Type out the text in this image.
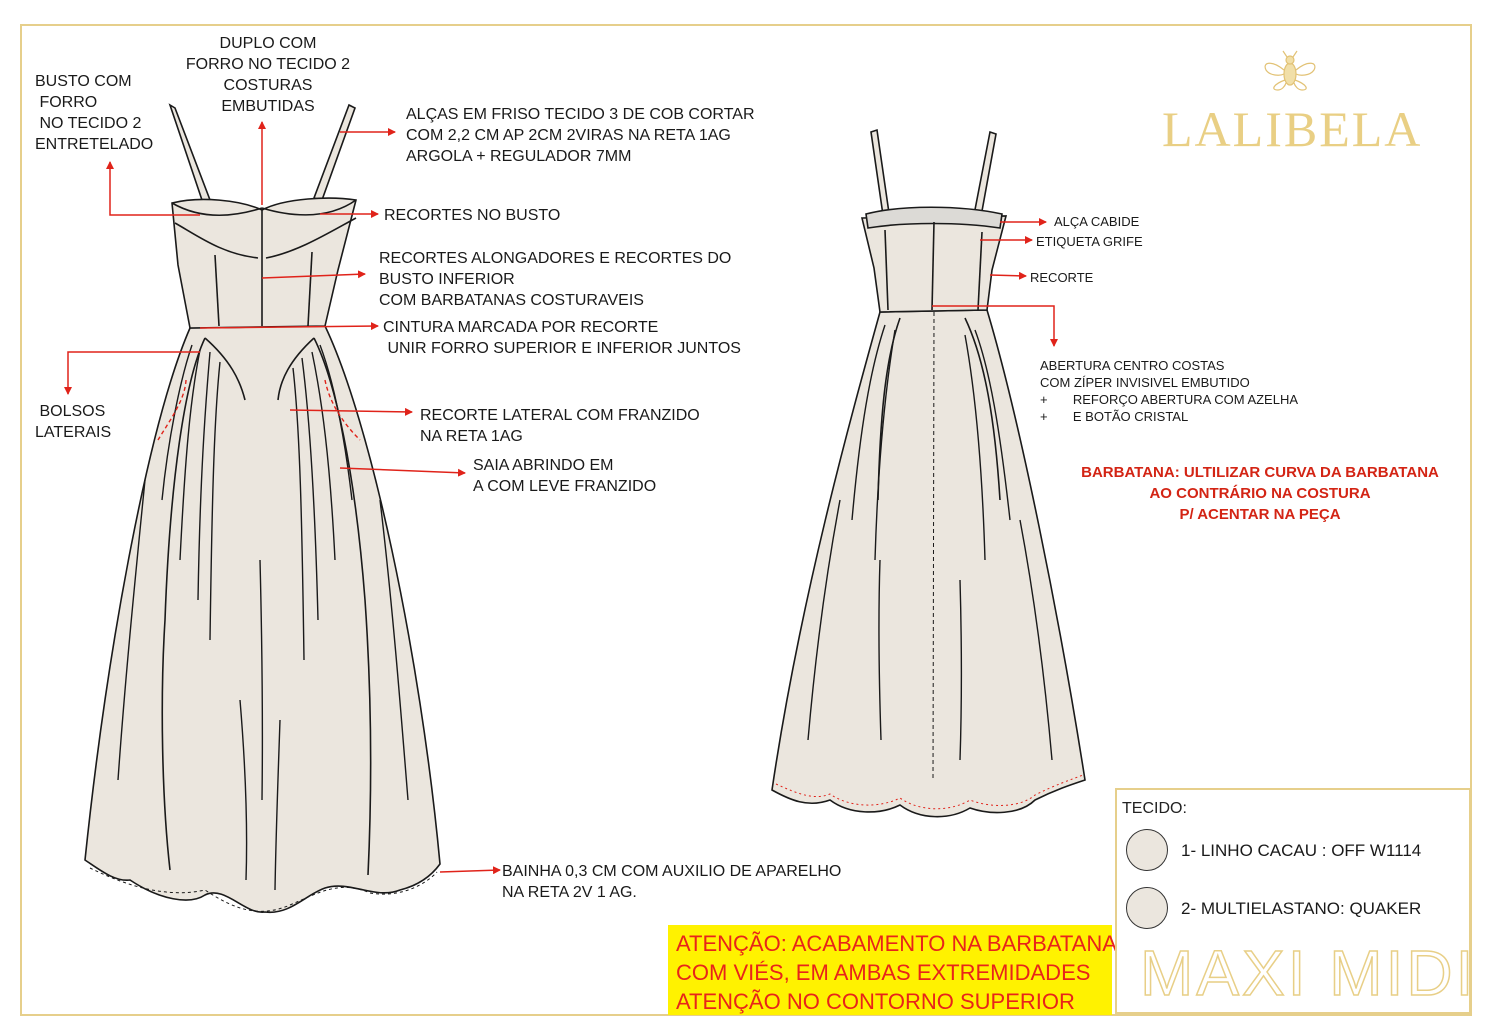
LALIBELA
BUSTO COM
FORRO
NO TECIDO 2
ENTRETELADO
DUPLO COM
FORRO NO TECIDO 2
COSTURAS
EMBUTIDAS	ALÇAS EM FRISO TECIDO 3 DE COB CORTAR
COM 2,2 CM AP 2CM 2VIRAS NA RETA 1AG
ARGOLA + REGULADOR 7MM
RECORTES NO BUSTO
RECORTES ALONGADORES E RECORTES DO
BUSTO INFERIOR
COM BARBATANAS COSTURAVEIS
CINTURA MARCADA POR RECORTE
UNIR FORRO SUPERIOR E INFERIOR JUNTOS
BOLSOS
LATERAIS
RECORTE LATERAL COM FRANZIDO
NA RETA 1AG
SAIA ABRINDO EM
A COM LEVE FRANZIDO
BAINHA 0,3 CM COM AUXILIO DE APARELHO
NA RETA 2V 1 AG.
ALÇA CABIDE
ETIQUETA GRIFE
RECORTE
ABERTURA CENTRO COSTAS
COM ZÍPER INVISIVEL EMBUTIDO
+       REFORÇO ABERTURA COM AZELHA
+       E BOTÃO CRISTAL
BARBATANA: ULTILIZAR CURVA DA BARBATANA
AO CONTRÁRIO NA COSTURA
P/ ACENTAR NA PEÇA
ATENÇÃO: ACABAMENTO NA BARBATANA
COM VIÉS, EM AMBAS EXTREMIDADES
ATENÇÃO NO CONTORNO SUPERIOR
TECIDO:
1- LINHO CACAU : OFF W1114
2- MULTIELASTANO: QUAKER
MAXI MIDI
